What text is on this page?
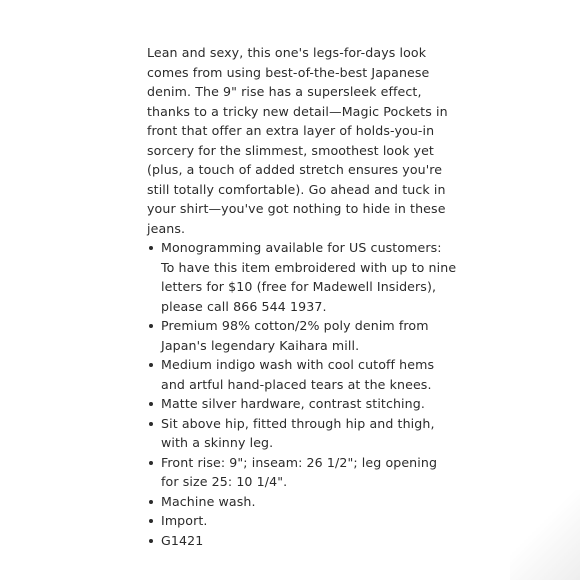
Lean and sexy, this one's legs-for-days look comes from using best-of-the-best Japanese denim. The 9" rise has a supersleek effect, thanks to a tricky new detail—Magic Pockets in front that offer an extra layer of holds-you-in sorcery for the slimmest, smoothest look yet (plus, a touch of added stretch ensures you're still totally comfortable). Go ahead and tuck in your shirt—you've got nothing to hide in these jeans.

Monogramming available for US customers: To have this item embroidered with up to nine letters for $10 (free for Madewell Insiders), please call 866 544 1937.
Premium 98% cotton/2% poly denim from Japan's legendary Kaihara mill.
Medium indigo wash with cool cutoff hems and artful hand-placed tears at the knees.
Matte silver hardware, contrast stitching.
Sit above hip, fitted through hip and thigh, with a skinny leg.
Front rise: 9"; inseam: 26 1/2"; leg opening for size 25: 10 1/4".
Machine wash.
Import.
G1421
